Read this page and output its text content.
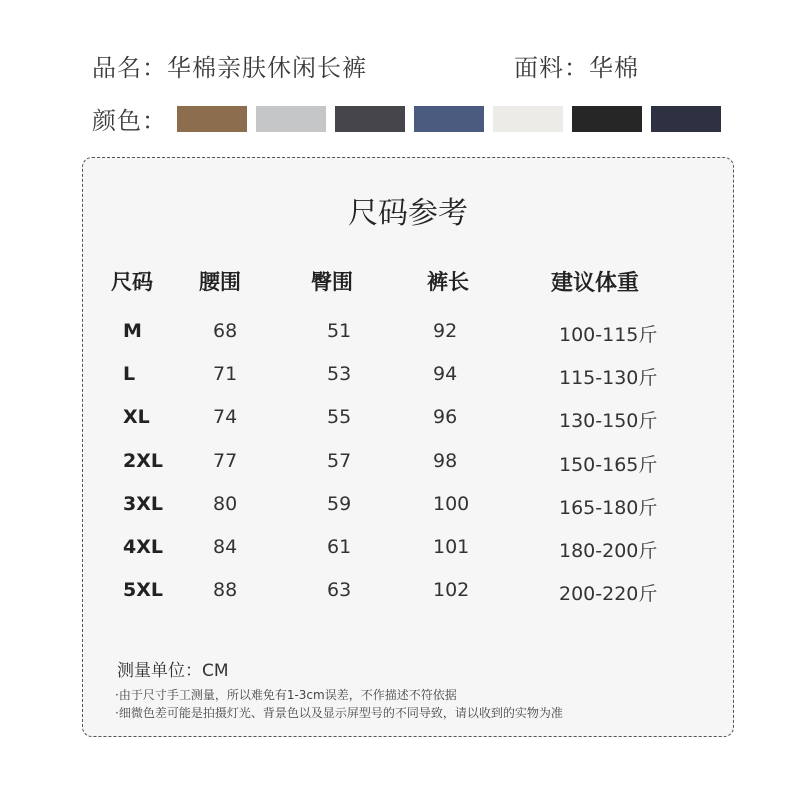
品名：华棉亲肤休闲长裤	面料：华棉
颜色：
尺码参考
尺码 腰围	臀围	裤长	建议体重
M	68	51	92	100-115斤
L	71	53	94	115-130斤
XL	74	55	96	130-150斤
2XL	77	57	98	150-165斤
3XL	80	59	100	165-180斤
4XL	84	61	101	180-200斤
5XL	88	63	102	200-220斤
测量单位：CM
·由于尺寸手工测量，所以难免有1-3cm误差，不作描述不符依据
·细微色差可能是拍摄灯光、背景色以及显示屏型号的不同导致，请以收到的实物为准
